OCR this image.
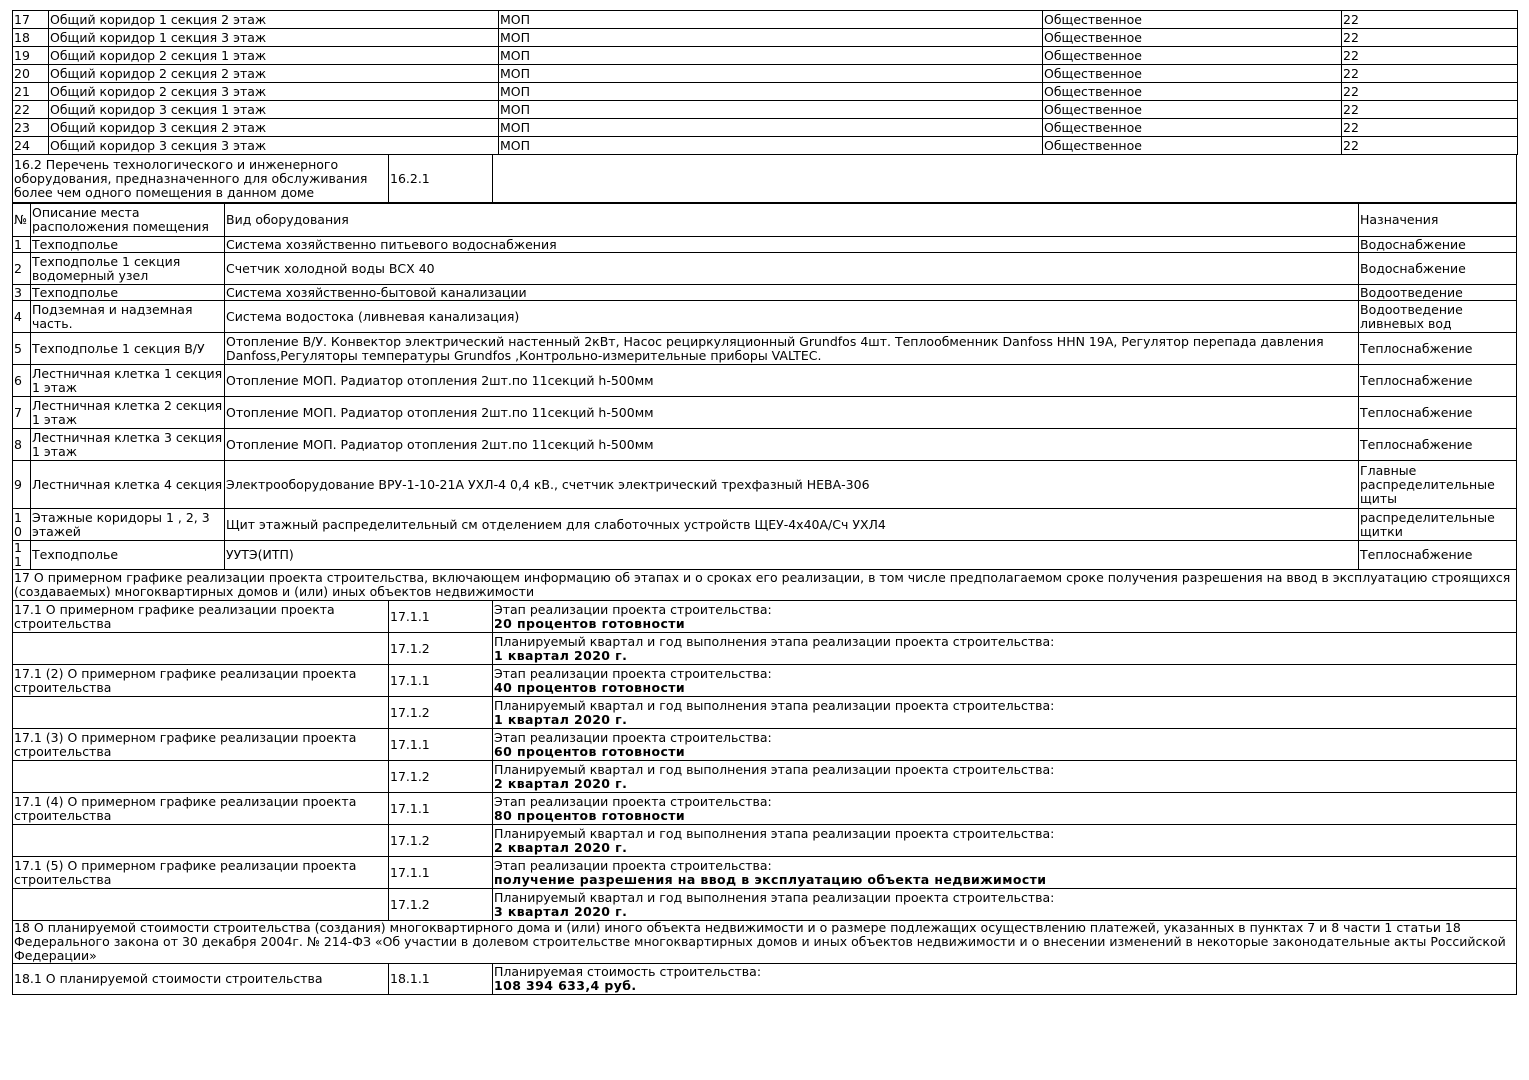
17	Общий коридор 1 секция 2 этаж	МОП	Общественное	22
18	Общий коридор 1 секция 3 этаж	МОП	Общественное	22
19	Общий коридор 2 секция 1 этаж	МОП	Общественное	22
20	Общий коридор 2 секция 2 этаж	МОП	Общественное	22
21	Общий коридор 2 секция 3 этаж	МОП	Общественное	22
22	Общий коридор 3 секция 1 этаж	МОП	Общественное	22
23	Общий коридор 3 секция 2 этаж	МОП	Общественное	22
24	Общий коридор 3 секция 3 этаж	МОП	Общественное	22
16.2 Перечень технологического и инженерного оборудования, предназначенного для обслуживания более чем одного помещения в данном доме	16.2.1	
№	Описание места расположения помещения	Вид оборудования	Назначения
1	Техподполье	Система хозяйственно питьевого водоснабжения	Водоснабжение
2	Техподполье 1 секция водомерный узел	Счетчик холодной воды ВСХ 40	Водоснабжение
3	Техподполье	Система хозяйственно-бытовой канализации	Водоотведение
4	Подземная и надземная часть.	Система водостока (ливневая канализация)	Водоотведение ливневых вод
5	Техподполье 1 секция В/У	Отопление В/У. Конвектор электрический настенный 2кВт, Насос рециркуляционный Grundfos 4шт. Теплообменник Danfoss HHN 19A, Регулятор перепада давления Danfoss,Регуляторы температуры Grundfos ,Контрольно-измерительные приборы VALTEC.	Теплоснабжение
6	Лестничная клетка 1 секция 1 этаж	Отопление МОП. Радиатор отопления 2шт.по 11секций h-500мм	Теплоснабжение
7	Лестничная клетка 2 секция 1 этаж	Отопление МОП. Радиатор отопления 2шт.по 11секций h-500мм	Теплоснабжение
8	Лестничная клетка 3 секция 1 этаж	Отопление МОП. Радиатор отопления 2шт.по 11секций h-500мм	Теплоснабжение
9	Лестничная клетка 4 секция	Электрооборудование ВРУ-1-10-21А УХЛ-4 0,4 кВ., счетчик электрический трехфазный НЕВА-306	Главные распределительные щиты
10	Этажные коридоры 1 , 2, 3 этажей	Щит этажный распределительный см отделением для слаботочных устройств ЩЕУ-4х40А/Сч УХЛ4	распределительные щитки
11	Техподполье	УУТЭ(ИТП)	Теплоснабжение
17 О примерном графике реализации проекта строительства, включающем информацию об этапах и о сроках его реализации, в том числе предполагаемом сроке получения разрешения на ввод в эксплуатацию строящихся (создаваемых) многоквартирных домов и (или) иных объектов недвижимости
17.1 О примерном графике реализации проекта строительства	17.1.1	Этап реализации проекта строительства:
20 процентов готовности

	17.1.2	Планируемый квартал и год выполнения этапа реализации проекта строительства:
1 квартал 2020 г.

17.1 (2) О примерном графике реализации проекта строительства	17.1.1	Этап реализации проекта строительства:
40 процентов готовности

	17.1.2	Планируемый квартал и год выполнения этапа реализации проекта строительства:
1 квартал 2020 г.

17.1 (3) О примерном графике реализации проекта строительства	17.1.1	Этап реализации проекта строительства:
60 процентов готовности

	17.1.2	Планируемый квартал и год выполнения этапа реализации проекта строительства:
2 квартал 2020 г.

17.1 (4) О примерном графике реализации проекта строительства	17.1.1	Этап реализации проекта строительства:
80 процентов готовности

	17.1.2	Планируемый квартал и год выполнения этапа реализации проекта строительства:
2 квартал 2020 г.

17.1 (5) О примерном графике реализации проекта строительства	17.1.1	Этап реализации проекта строительства:
получение разрешения на ввод в эксплуатацию объекта недвижимости

	17.1.2	Планируемый квартал и год выполнения этапа реализации проекта строительства:
3 квартал 2020 г.
18 О планируемой стоимости строительства (создания) многоквартирного дома и (или) иного объекта недвижимости и о размере подлежащих осуществлению платежей, указанных в пунктах 7 и 8 части 1 статьи 18 Федерального закона от 30 декабря 2004г. № 214-ФЗ «Об участии в долевом строительстве многоквартирных домов и иных объектов недвижимости и о внесении изменений в некоторые законодательные акты Российской Федерации»
18.1 О планируемой стоимости строительства	18.1.1	Планируемая стоимость строительства:
108 394 633,4 руб.
